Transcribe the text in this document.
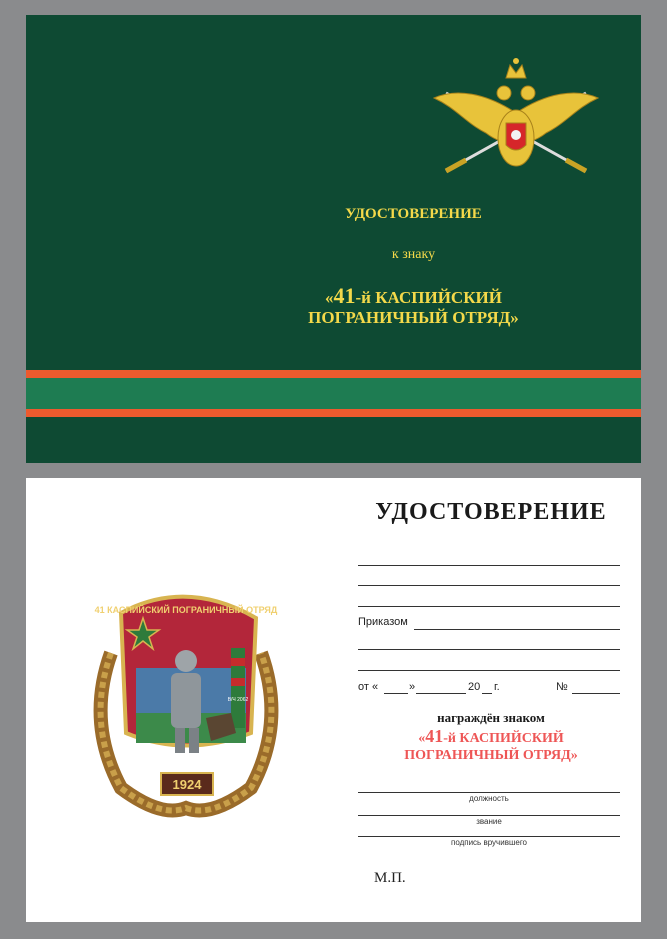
УДОСТОВЕРЕНИЕ
к знаку
«41-й КАСПИЙСКИЙ
ПОГРАНИЧНЫЙ ОТРЯД»
1924
41 КАСПИЙСКИЙ ПОГРАНИЧНЫЙ ОТРЯД
В/Ч 2062
УДОСТОВЕРЕНИЕ
Приказом
от «	»	20 г.	№
награждён знаком
«41-й КАСПИЙСКИЙ
ПОГРАНИЧНЫЙ ОТРЯД»
должность
звание
подпись вручившего
М.П.
